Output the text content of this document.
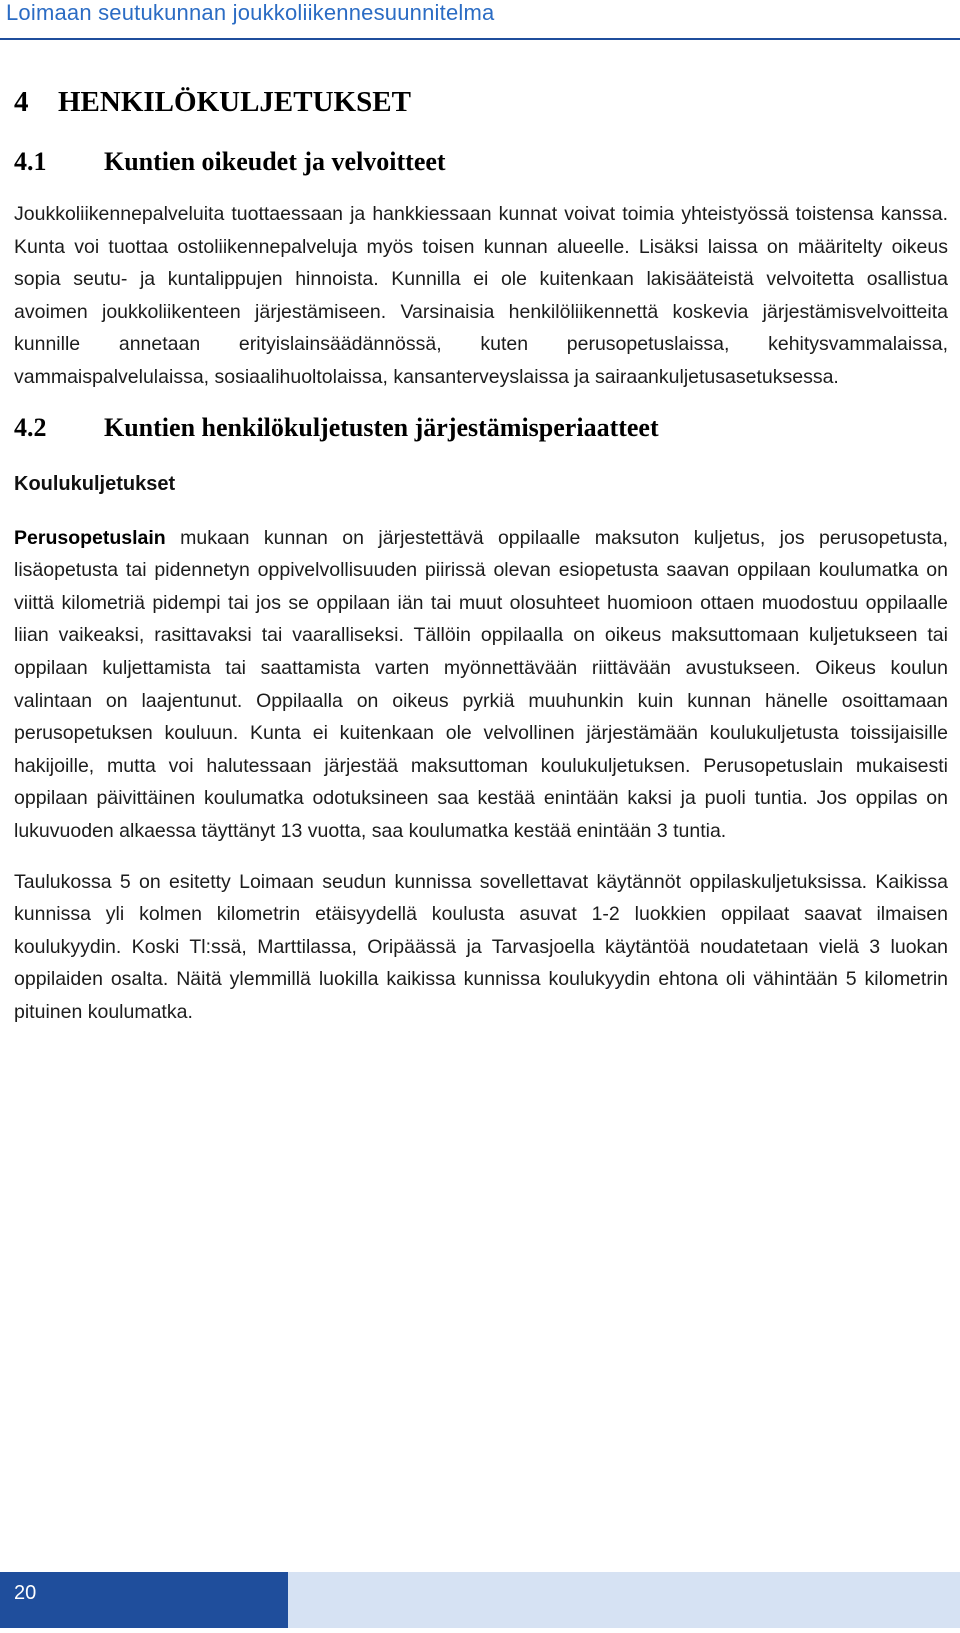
Loimaan seutukunnan joukkoliikennesuunnitelma
4 HENKILÖKULJETUKSET
4.1 Kuntien oikeudet ja velvoitteet

Joukkoliikennepalveluita tuottaessaan ja hankkiessaan kunnat voivat toimia yhteistyössä toistensa kanssa. Kunta voi tuottaa ostoliikennepalveluja myös toisen kunnan alueelle. Lisäksi laissa on määritelty oikeus sopia seutu- ja kuntalippujen hinnoista. Kunnilla ei ole kuitenkaan lakisääteistä velvoitetta osallistua avoimen joukkoliikenteen järjestämiseen. Varsinaisia henkilöliikennettä koskevia järjestämisvelvoitteita kunnille annetaan erityislainsäädännössä, kuten perusopetuslaissa, kehitysvammalaissa, vammaispalvelulaissa, sosiaalihuoltolaissa, kansanterveyslaissa ja sairaankuljetusasetuksessa.

4.2 Kuntien henkilökuljetusten järjestämisperiaatteet
Koulukuljetukset

Perusopetuslain mukaan kunnan on järjestettävä oppilaalle maksuton kuljetus, jos perusopetusta, lisäopetusta tai pidennetyn oppivelvollisuuden piirissä olevan esiopetusta saavan oppilaan koulumatka on viittä kilometriä pidempi tai jos se oppilaan iän tai muut olosuhteet huomioon ottaen muodostuu oppilaalle liian vaikeaksi, rasittavaksi tai vaaralliseksi. Tällöin oppilaalla on oikeus maksuttomaan kuljetukseen tai oppilaan kuljettamista tai saattamista varten myönnettävään riittävään avustukseen. Oikeus koulun valintaan on laajentunut. Oppilaalla on oikeus pyrkiä muuhunkin kuin kunnan hänelle osoittamaan perusopetuksen kouluun. Kunta ei kuitenkaan ole velvollinen järjestämään koulukuljetusta toissijaisille hakijoille, mutta voi halutessaan järjestää maksuttoman koulukuljetuksen. Perusopetuslain mukaisesti oppilaan päivittäinen koulumatka odotuksineen saa kestää enintään kaksi ja puoli tuntia. Jos oppilas on lukuvuoden alkaessa täyttänyt 13 vuotta, saa koulumatka kestää enintään 3 tuntia.

Taulukossa 5 on esitetty Loimaan seudun kunnissa sovellettavat käytännöt oppilaskuljetuksissa. Kaikissa kunnissa yli kolmen kilometrin etäisyydellä koulusta asuvat 1-2 luokkien oppilaat saavat ilmaisen koulukyydin. Koski Tl:ssä, Marttilassa, Oripäässä ja Tarvasjoella käytäntöä noudatetaan vielä 3 luokan oppilaiden osalta. Näitä ylemmillä luokilla kaikissa kunnissa koulukyydin ehtona oli vähintään 5 kilometrin pituinen koulumatka.

20
